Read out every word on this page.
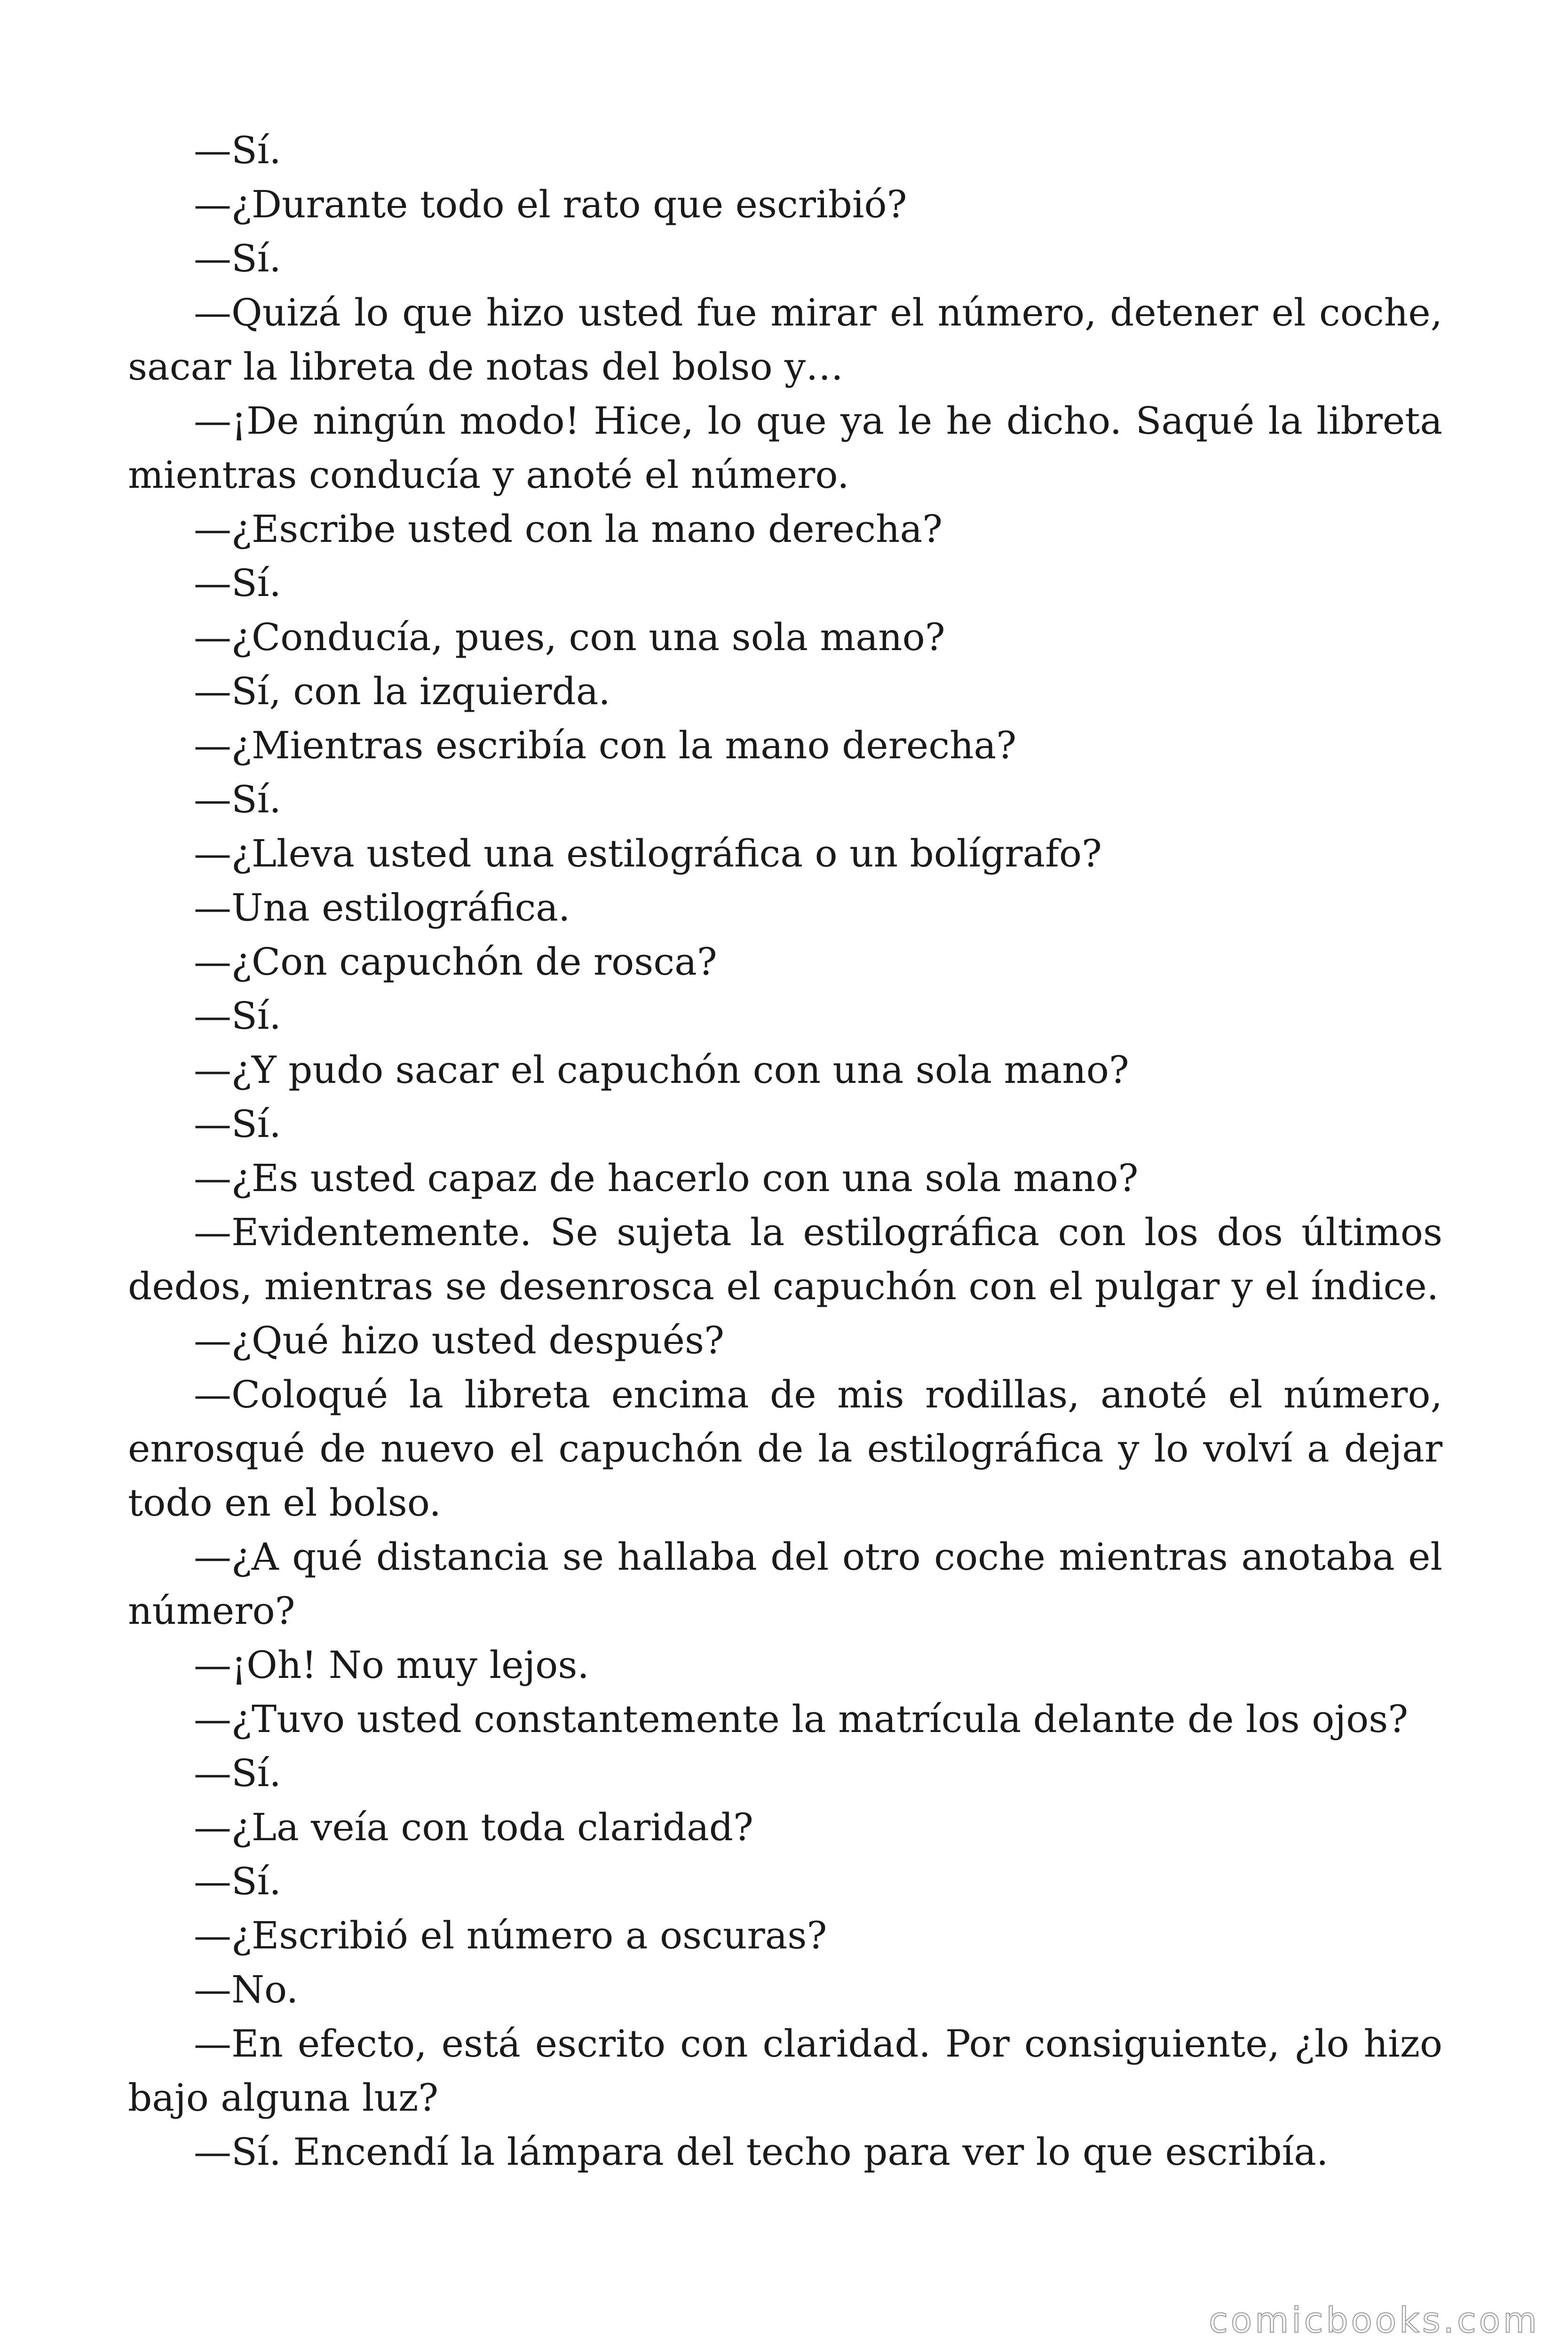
—Sí.

—¿Durante todo el rato que escribió?

—Sí.

—Quizá lo que hizo usted fue mirar el número, detener el coche, sacar la libreta de notas del bolso y…

—¡De ningún modo! Hice, lo que ya le he dicho. Saqué la libreta mientras conducía y anoté el número.

—¿Escribe usted con la mano derecha?

—Sí.

—¿Conducía, pues, con una sola mano?

—Sí, con la izquierda.

—¿Mientras escribía con la mano derecha?

—Sí.

—¿Lleva usted una estilográfica o un bolígrafo?

—Una estilográfica.

—¿Con capuchón de rosca?

—Sí.

—¿Y pudo sacar el capuchón con una sola mano?

—Sí.

—¿Es usted capaz de hacerlo con una sola mano?

—Evidentemente. Se sujeta la estilográfica con los dos últimos dedos, mientras se desenrosca el capuchón con el pulgar y el índice.

—¿Qué hizo usted después?

—Coloqué la libreta encima de mis rodillas, anoté el número, enrosqué de nuevo el capuchón de la estilográfica y lo volví a dejar todo en el bolso.

—¿A qué distancia se hallaba del otro coche mientras anotaba el número?

—¡Oh! No muy lejos.

—¿Tuvo usted constantemente la matrícula delante de los ojos?

—Sí.

—¿La veía con toda claridad?

—Sí.

—¿Escribió el número a oscuras?

—No.

—En efecto, está escrito con claridad. Por consiguiente, ¿lo hizo bajo alguna luz?

—Sí. Encendí la lámpara del techo para ver lo que escribía.

comicbooks.com
